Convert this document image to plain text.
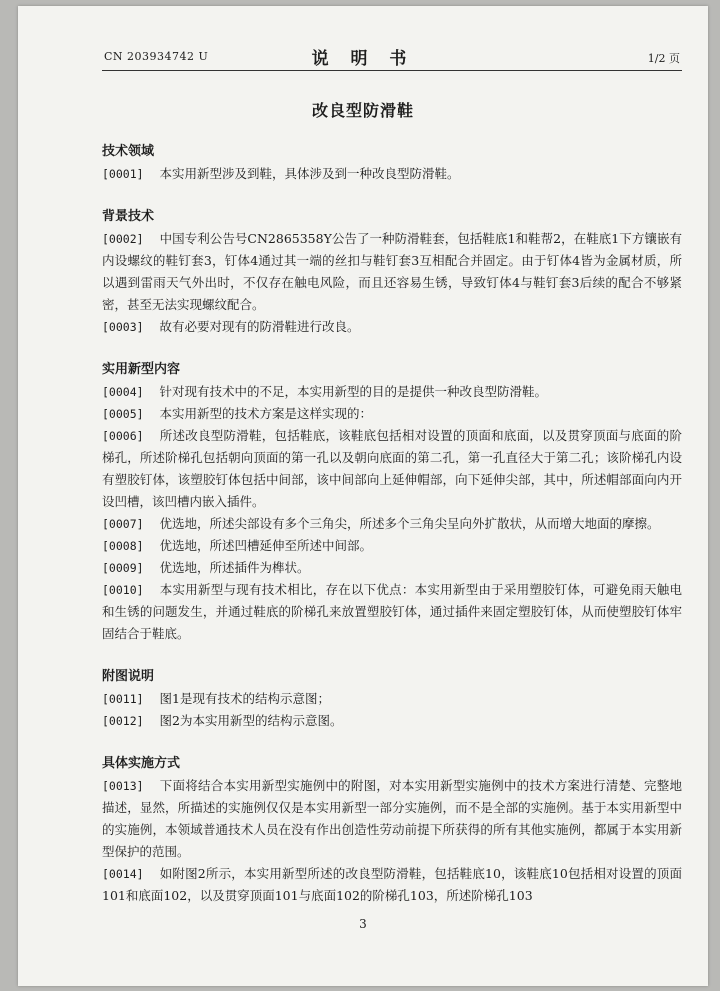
CN 203934742 U	说 明 书	1/2 页
改良型防滑鞋
技术领域

[0001] 本实用新型涉及到鞋，具体涉及到一种改良型防滑鞋。

背景技术

[0002] 中国专利公告号CN2865358Y公告了一种防滑鞋套，包括鞋底1和鞋帮2，在鞋底1下方镶嵌有内设螺纹的鞋钉套3，钉体4通过其一端的丝扣与鞋钉套3互相配合并固定。由于钉体4皆为金属材质，所以遇到雷雨天气外出时，不仅存在触电风险，而且还容易生锈，导致钉体4与鞋钉套3后续的配合不够紧密，甚至无法实现螺纹配合。

[0003] 故有必要对现有的防滑鞋进行改良。

实用新型内容

[0004] 针对现有技术中的不足，本实用新型的目的是提供一种改良型防滑鞋。

[0005] 本实用新型的技术方案是这样实现的：

[0006] 所述改良型防滑鞋，包括鞋底，该鞋底包括相对设置的顶面和底面，以及贯穿顶面与底面的阶梯孔，所述阶梯孔包括朝向顶面的第一孔以及朝向底面的第二孔，第一孔直径大于第二孔；该阶梯孔内设有塑胶钉体，该塑胶钉体包括中间部，该中间部向上延伸帽部，向下延伸尖部，其中，所述帽部面向内开设凹槽，该凹槽内嵌入插件。

[0007] 优选地，所述尖部设有多个三角尖，所述多个三角尖呈向外扩散状，从而增大地面的摩擦。

[0008] 优选地，所述凹槽延伸至所述中间部。

[0009] 优选地，所述插件为榫状。

[0010] 本实用新型与现有技术相比，存在以下优点：本实用新型由于采用塑胶钉体，可避免雨天触电和生锈的问题发生，并通过鞋底的阶梯孔来放置塑胶钉体，通过插件来固定塑胶钉体，从而使塑胶钉体牢固结合于鞋底。

附图说明

[0011] 图1是现有技术的结构示意图；

[0012] 图2为本实用新型的结构示意图。

具体实施方式

[0013] 下面将结合本实用新型实施例中的附图，对本实用新型实施例中的技术方案进行清楚、完整地描述，显然，所描述的实施例仅仅是本实用新型一部分实施例，而不是全部的实施例。基于本实用新型中的实施例，本领域普通技术人员在没有作出创造性劳动前提下所获得的所有其他实施例，都属于本实用新型保护的范围。

[0014] 如附图2所示，本实用新型所述的改良型防滑鞋，包括鞋底10，该鞋底10包括相对设置的顶面101和底面102，以及贯穿顶面101与底面102的阶梯孔103，所述阶梯孔103

3
